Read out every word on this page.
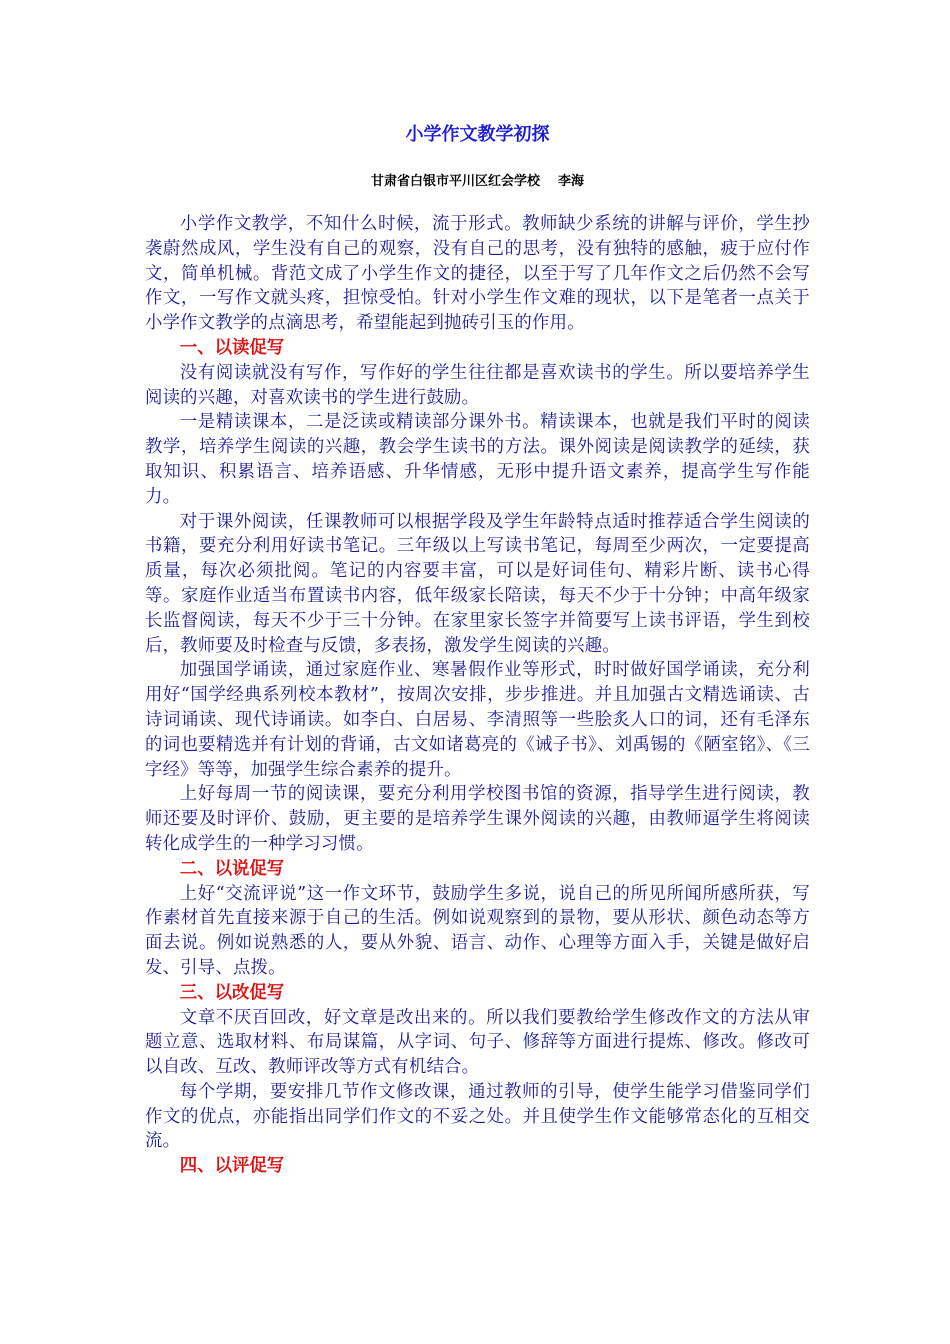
小学作文教学初探
甘肃省白银市平川区红会学校    李海

小学作文教学，不知什么时候，流于形式。教师缺少系统的讲解与评价，学生抄袭蔚然成风，学生没有自己的观察，没有自己的思考，没有独特的感触，疲于应付作文，简单机械。背范文成了小学生作文的捷径，以至于写了几年作文之后仍然不会写作文，一写作文就头疼，担惊受怕。针对小学生作文难的现状，以下是笔者一点关于小学作文教学的点滴思考，希望能起到抛砖引玉的作用。

一、以读促写

没有阅读就没有写作，写作好的学生往往都是喜欢读书的学生。所以要培养学生阅读的兴趣，对喜欢读书的学生进行鼓励。

一是精读课本，二是泛读或精读部分课外书。精读课本，也就是我们平时的阅读教学，培养学生阅读的兴趣，教会学生读书的方法。课外阅读是阅读教学的延续，获取知识、积累语言、培养语感、升华情感，无形中提升语文素养，提高学生写作能力。

对于课外阅读，任课教师可以根据学段及学生年龄特点适时推荐适合学生阅读的书籍，要充分利用好读书笔记。三年级以上写读书笔记，每周至少两次，一定要提高质量，每次必须批阅。笔记的内容要丰富，可以是好词佳句、精彩片断、读书心得等。家庭作业适当布置读书内容，低年级家长陪读，每天不少于十分钟；中高年级家长监督阅读，每天不少于三十分钟。在家里家长签字并简要写上读书评语，学生到校后，教师要及时检查与反馈，多表扬，激发学生阅读的兴趣。

加强国学诵读，通过家庭作业、寒暑假作业等形式，时时做好国学诵读，充分利用好“国学经典系列校本教材”，按周次安排，步步推进。并且加强古文精选诵读、古诗词诵读、现代诗诵读。如李白、白居易、李清照等一些脍炙人口的词，还有毛泽东的词也要精选并有计划的背诵，古文如诸葛亮的《诫子书》、刘禹锡的《陋室铭》、《三字经》等等，加强学生综合素养的提升。

上好每周一节的阅读课，要充分利用学校图书馆的资源，指导学生进行阅读，教师还要及时评价、鼓励，更主要的是培养学生课外阅读的兴趣，由教师逼学生将阅读转化成学生的一种学习习惯。

二、以说促写

上好“交流评说”这一作文环节，鼓励学生多说，说自己的所见所闻所感所获，写作素材首先直接来源于自己的生活。例如说观察到的景物，要从形状、颜色动态等方面去说。例如说熟悉的人，要从外貌、语言、动作、心理等方面入手，关键是做好启发、引导、点拨。

三、以改促写

文章不厌百回改，好文章是改出来的。所以我们要教给学生修改作文的方法从审题立意、选取材料、布局谋篇，从字词、句子、修辞等方面进行提炼、修改。修改可以自改、互改、教师评改等方式有机结合。

每个学期，要安排几节作文修改课，通过教师的引导，使学生能学习借鉴同学们作文的优点，亦能指出同学们作文的不妥之处。并且使学生作文能够常态化的互相交流。

四、以评促写
